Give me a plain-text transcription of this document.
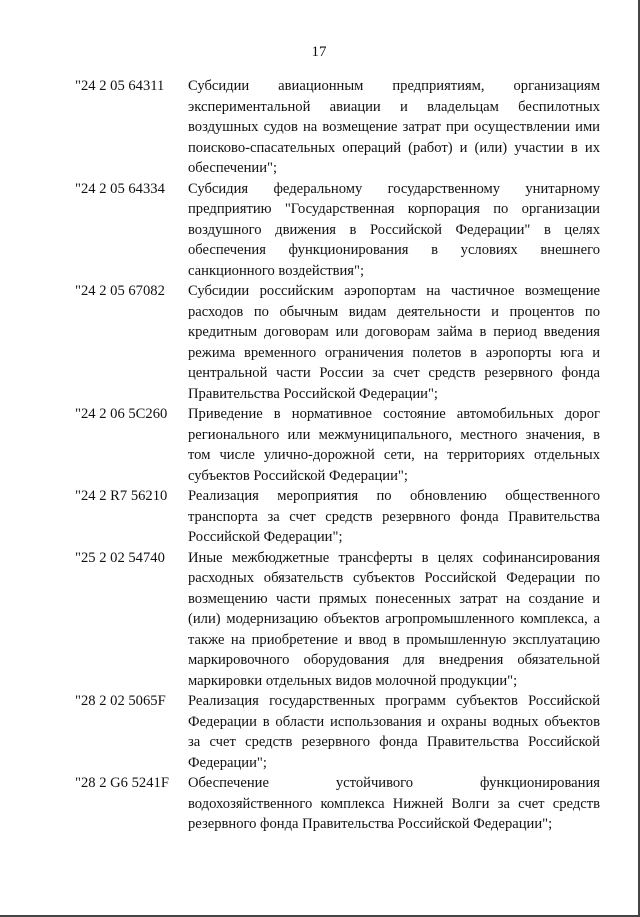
17
"24 2 05 64311	Субсидии авиационным предприятиям, организациям экспериментальной авиации и владельцам беспилотных воздушных судов на возмещение затрат при осуществлении ими поисково-спасательных операций (работ) и (или) участии в их обеспечении";
"24 2 05 64334	Субсидия федеральному государственному унитарному предприятию "Государственная корпорация по организации воздушного движения в Российской Федерации" в целях обеспечения функционирования в условиях внешнего санкционного воздействия";
"24 2 05 67082	Субсидии российским аэропортам на частичное возмещение расходов по обычным видам деятельности и процентов по кредитным договорам или договорам займа в период введения режима временного ограничения полетов в аэропорты юга и центральной части России за счет средств резервного фонда Правительства Российской Федерации";
"24 2 06 5С260	Приведение в нормативное состояние автомобильных дорог регионального или межмуниципального, местного значения, в том числе улично-дорожной сети, на территориях отдельных субъектов Российской Федерации";
"24 2 R7 56210	Реализация мероприятия по обновлению общественного транспорта за счет средств резервного фонда Правительства Российской Федерации";
"25 2 02 54740	Иные межбюджетные трансферты в целях софинансирования расходных обязательств субъектов Российской Федерации по возмещению части прямых понесенных затрат на создание и (или) модернизацию объектов агропромышленного комплекса, а также на приобретение и ввод в промышленную эксплуатацию маркировочного оборудования для внедрения обязательной маркировки отдельных видов молочной продукции";
"28 2 02 5065F	Реализация государственных программ субъектов Российской Федерации в области использования и охраны водных объектов за счет средств резервного фонда Правительства Российской Федерации";
"28 2 G6 5241F	Обеспечение устойчивого функционирования водохозяйственного комплекса Нижней Волги за счет средств резервного фонда Правительства Российской Федерации";
